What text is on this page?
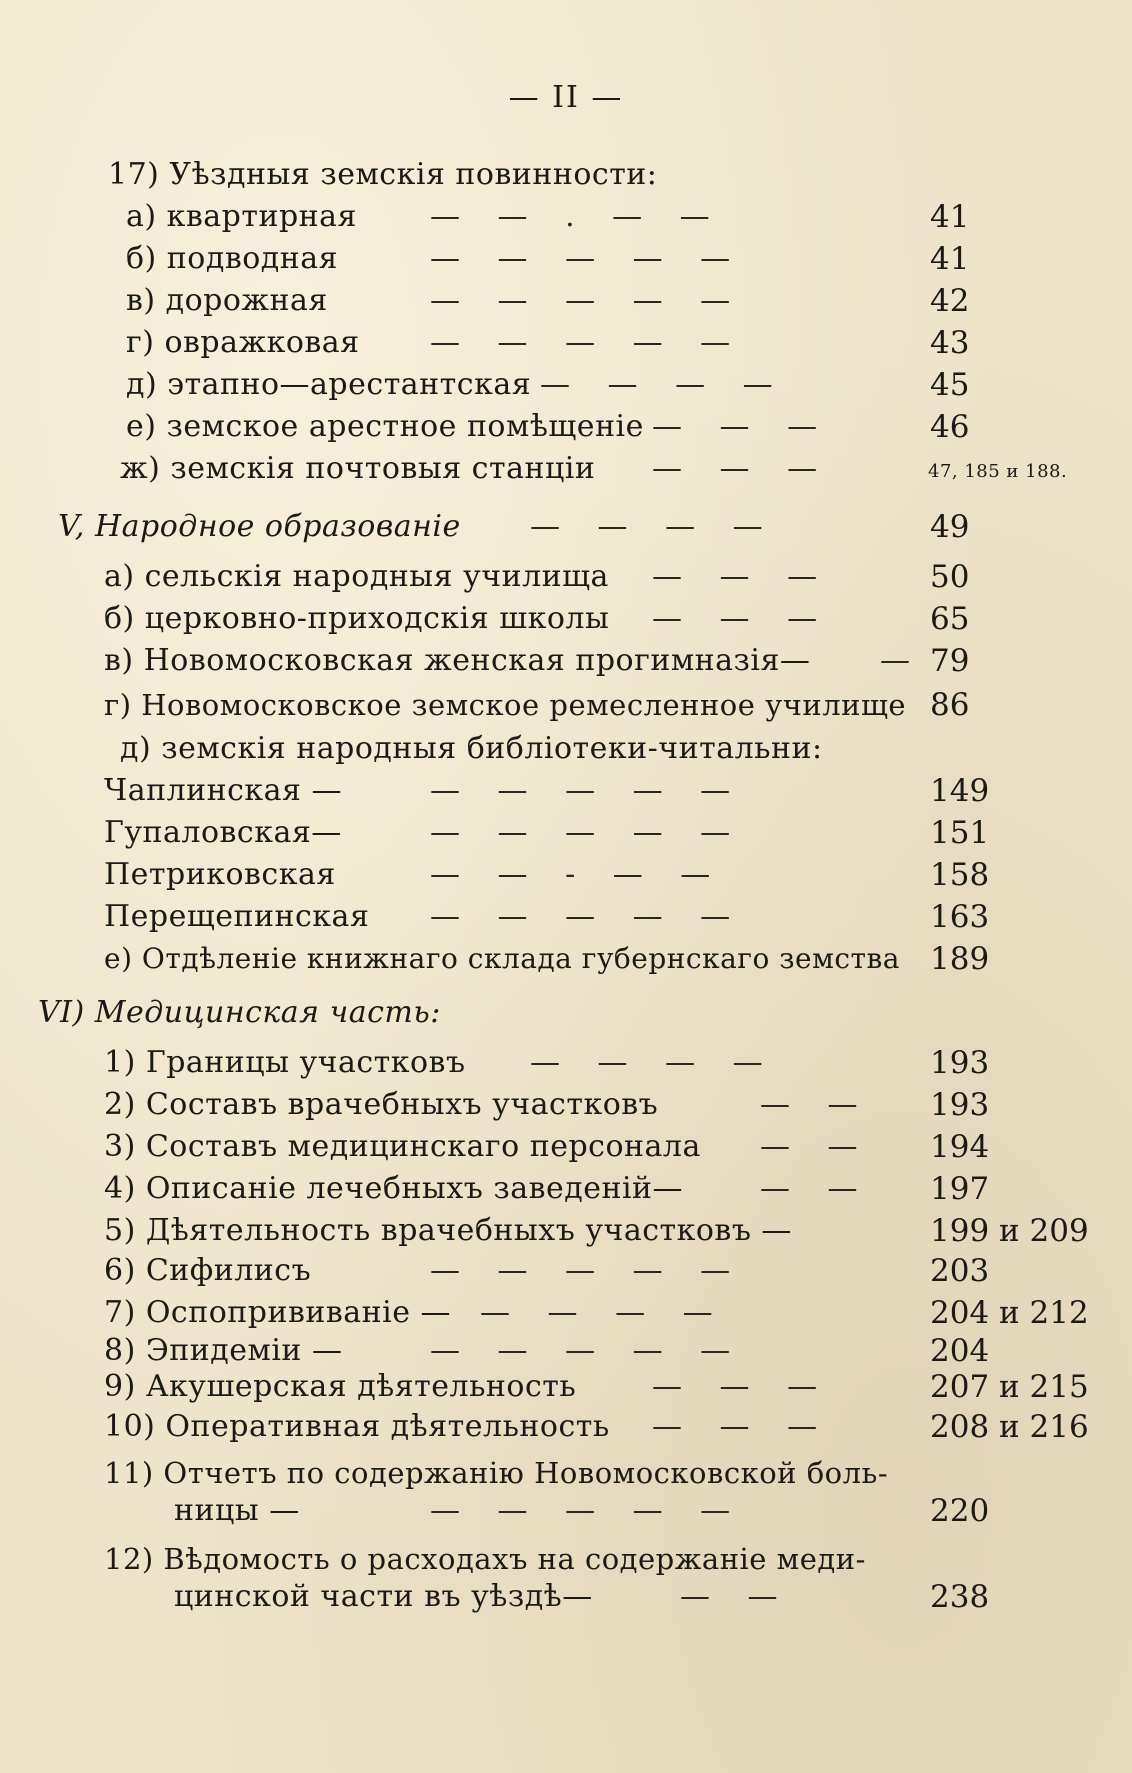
— II —
17) Уѣздныя земскія повинности:
а) квартирная — — . — —	41
б) подводная	— — — — —	41
в) дорожная	— — — — —	42
г) овражковая — — — — —	43
д) этапно—арестантская — — — —	45
е) земское арестное помѣщеніе — — —	46
ж) земскія почтовыя станціи — — —	47, 185 и 188.
V, Народное образованіе — — — —	49
а) сельскія народныя училища — — —	50
б) церковно-приходскія школы — — —	65
в) Новомосковская женская прогимназія— — 79
г) Новомосковское земское ремесленное училище 86
д) земскія народныя библіотеки-читальни:
Чаплинская —	— — — — —	149
Гупаловская—	— — — — —	151
Петриковская	— — - — —	158
Перещепинская — — — — —	163
е) Отдѣленіе книжнаго склада губернскаго земства 189
VI) Медицинская часть:
1) Границы участковъ — — — —	193
2) Составъ врачебныхъ участковъ	— — 193
3) Составъ медицинскаго персонала — — 194
4) Описаніе лечебныхъ заведеній—	— — 197
5) Дѣятельность врачебныхъ участковъ —	199 и 209
6) Сифилисъ	— — — — —	203
7) Оспопрививаніе — — — — —	204 и 212
8) Эпидеміи —	— — — — —	204
9) Акушерская дѣятельность	— — —	207 и 215
10) Оперативная дѣятельность — — —	208 и 216
11) Отчетъ по содержанію Новомосковской боль-
ницы —	— — — — —	220
12) Вѣдомость о расходахъ на содержаніе меди-
цинской части въ уѣздѣ—	— —	238
